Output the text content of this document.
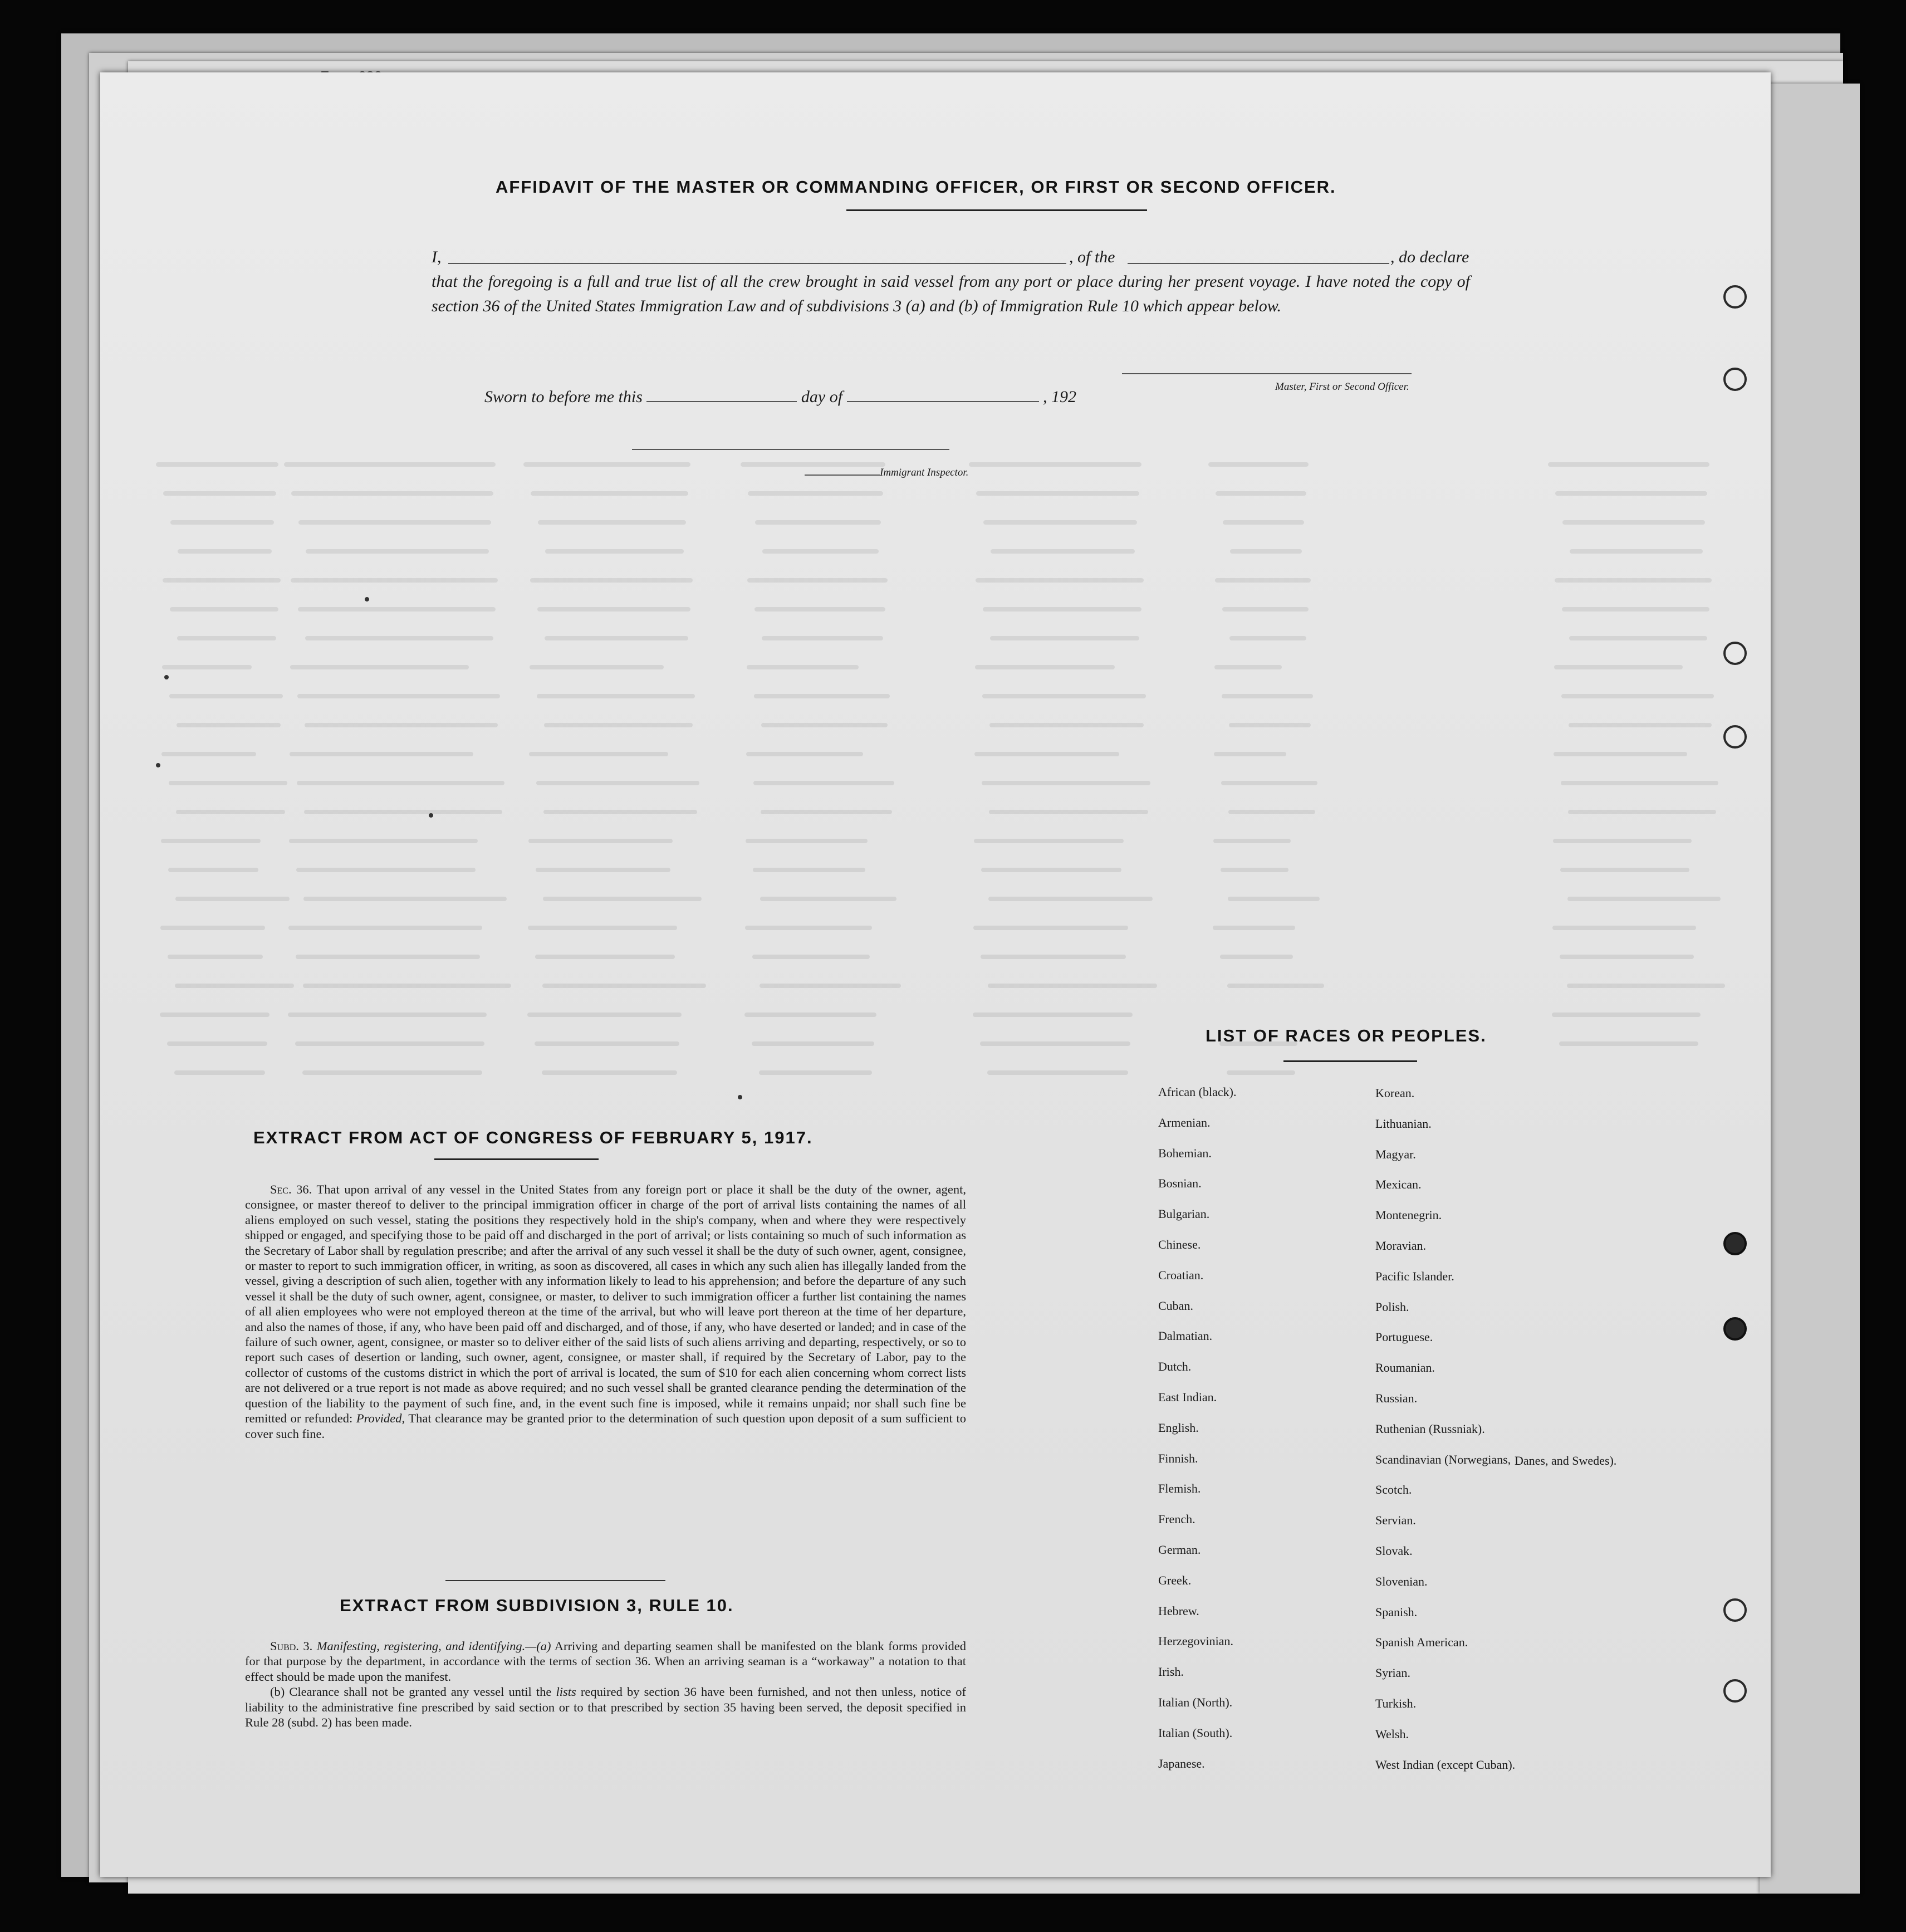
AFFIDAVIT OF THE MASTER OR COMMANDING OFFICER, OR FIRST OR SECOND OFFICER.
I,	, of the	, do declare
that the foregoing is a full and true list of all the crew brought in said vessel from any port or place during her present voyage. I have noted the copy of section 36 of the United States Immigration Law and of subdivisions 3 (a) and (b) of Immigration Rule 10 which appear below.
Master, First or Second Officer.
Sworn to before me this	day of	, 192
Immigrant Inspector.
EXTRACT FROM ACT OF CONGRESS OF FEBRUARY 5, 1917.

Sec. 36. That upon arrival of any vessel in the United States from any foreign port or place it shall be the duty of the owner, agent, consignee, or master thereof to deliver to the principal immigration officer in charge of the port of arrival lists containing the names of all aliens employed on such vessel, stating the positions they respectively hold in the ship's company, when and where they were respectively shipped or engaged, and specifying those to be paid off and discharged in the port of arrival; or lists containing so much of such information as the Secretary of Labor shall by regulation prescribe; and after the arrival of any such vessel it shall be the duty of such owner, agent, consignee, or master to report to such immigration officer, in writing, as soon as discovered, all cases in which any such alien has illegally landed from the vessel, giving a description of such alien, together with any information likely to lead to his apprehension; and before the departure of any such vessel it shall be the duty of such owner, agent, consignee, or master, to deliver to such immigration officer a further list containing the names of all alien employees who were not employed thereon at the time of the arrival, but who will leave port thereon at the time of her departure, and also the names of those, if any, who have been paid off and discharged, and of those, if any, who have deserted or landed; and in case of the failure of such owner, agent, consignee, or master so to deliver either of the said lists of such aliens arriving and departing, respectively, or so to report such cases of desertion or landing, such owner, agent, consignee, or master shall, if required by the Secretary of Labor, pay to the collector of customs of the customs district in which the port of arrival is located, the sum of $10 for each alien concerning whom correct lists are not delivered or a true report is not made as above required; and no such vessel shall be granted clearance pending the determination of the question of the liability to the payment of such fine, and, in the event such fine is imposed, while it remains unpaid; nor shall such fine be remitted or refunded: Provided, That clearance may be granted prior to the determination of such question upon deposit of a sum sufficient to cover such fine.

EXTRACT FROM SUBDIVISION 3, RULE 10.

Subd. 3. Manifesting, registering, and identifying.—(a) Arriving and departing seamen shall be manifested on the blank forms provided for that purpose by the department, in accordance with the terms of section 36. When an arriving seaman is a “workaway” a notation to that effect should be made upon the manifest.

(b) Clearance shall not be granted any vessel until the lists required by section 36 have been furnished, and not then unless, notice of liability to the administrative fine prescribed by said section or to that prescribed by section 35 having been served, the deposit specified in Rule 28 (subd. 2) has been made.

LIST OF RACES OR PEOPLES.
African (black).
Armenian.
Bohemian.
Bosnian.
Bulgarian.
Chinese.
Croatian.
Cuban.
Dalmatian.
Dutch.
East Indian.
English.
Finnish.
Flemish.
French.
German.
Greek.
Hebrew.
Herzegovinian.
Irish.
Italian (North).
Italian (South).
Japanese.
Korean.
Lithuanian.
Magyar.
Mexican.
Montenegrin.
Moravian.
Pacific Islander.
Polish.
Portuguese.
Roumanian.
Russian.
Ruthenian (Russniak).
Scandinavian (Norwegians,
Scotch.
Servian.
Slovak.
Slovenian.
Spanish.
Spanish American.
Syrian.
Turkish.
Welsh.
West Indian (except Cuban).
Danes, and Swedes).
